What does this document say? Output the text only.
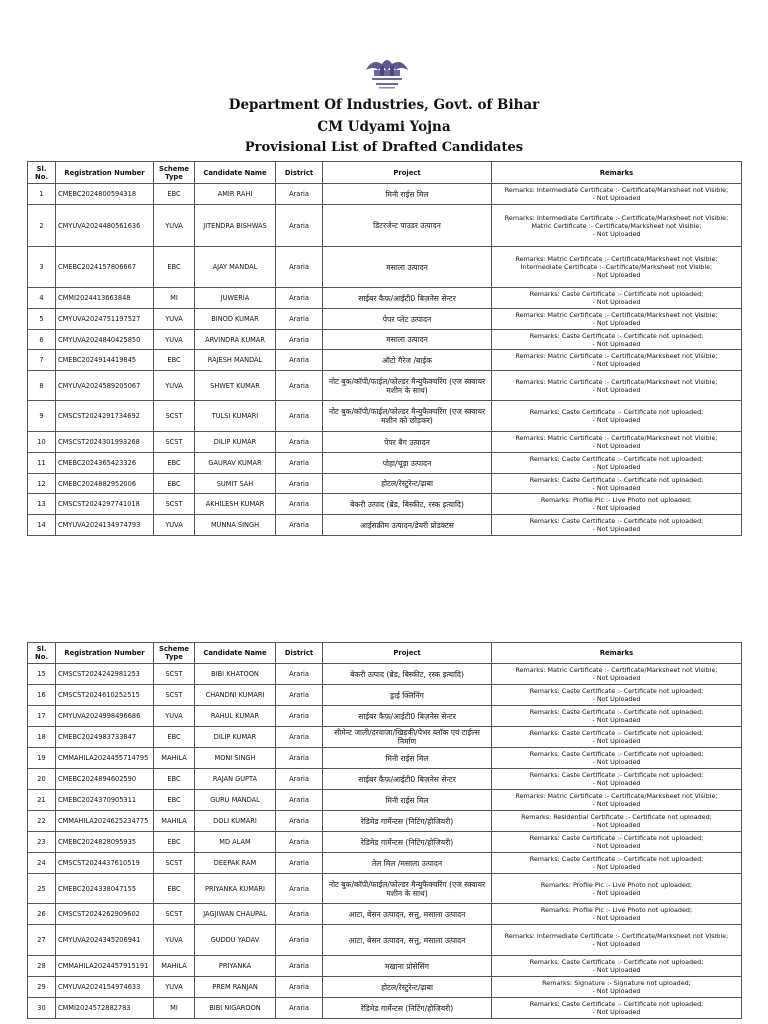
Department Of Industries, Govt. of Bihar
CM Udyami Yojna
Provisional List of Drafted Candidates
Sl. No.	Registration Number	Scheme Type	Candidate Name	District	Project	Remarks
1	CMEBC2024800594318	EBC	AMIR RAHI	Araria	मिनी राईस मिल	Remarks: Intermediate Certificate :- Certificate/Marksheet not Visible;
- Not Uploaded
2	CMYUVA2024480561636	YUVA	JITENDRA BISHWAS	Araria	डिटरजेन्ट पाउडर उत्पादन	Remarks: Intermediate Certificate :- Certificate/Marksheet not Visible;
Matric Certificate :- Certificate/Marksheet not Visible;
- Not Uploaded
3	CMEBC2024157806667	EBC	AJAY MANDAL	Araria	मसाला उत्पादन	Remarks: Matric Certificate :- Certificate/Marksheet not Visible;
Intermediate Certificate :- Certificate/Marksheet not Visible;
- Not Uploaded
4	CMMI2024413663848	MI	JUWERIA	Araria	साईबर कैफ़/आईटी0 बिज़नेस सेन्टर	Remarks: Caste Certificate :- Certificate not uploaded;
- Not Uploaded
5	CMYUVA2024751197527	YUVA	BINOD KUMAR	Araria	पेपर प्लेट उत्पादन	Remarks: Matric Certificate :- Certificate/Marksheet not Visible;
- Not Uploaded
6	CMYUVA2024840425850	YUVA	ARVINDRA KUMAR	Araria	मसाला उत्पादन	Remarks: Caste Certificate :- Certificate not uploaded;
- Not Uploaded
7	CMEBC2024914419845	EBC	RAJESH MANDAL	Araria	ऑटो गैरेज /बाईक	Remarks: Matric Certificate :- Certificate/Marksheet not Visible;
- Not Uploaded
8	CMYUVA2024589205067	YUVA	SHWET KUMAR	Araria	नोट बुक/कॉपी/फाईल/फोल्डर मैन्युफैक्चरिंग (एज स्क्वायर मशीन के साथ)	Remarks: Matric Certificate :- Certificate/Marksheet not Visible;
- Not Uploaded
9	CMSCST2024291734692	SCST	TULSI KUMARI	Araria	नोट बुक/कॉपी/फाईल/फोल्डर मैन्युफैक्चरिंग (एज स्क्वायर मशीन को छोड़कर)	Remarks: Caste Certificate :- Certificate not uploaded;
- Not Uploaded
10	CMSCST2024301993268	SCST	DILIP KUMAR	Araria	पेपर बैग उत्पादन	Remarks: Matric Certificate :- Certificate/Marksheet not Visible;
- Not Uploaded
11	CMEBC2024365423326	EBC	GAURAV KUMAR	Araria	पोहा/चूड़ा उत्पादन	Remarks: Caste Certificate :- Certificate not uploaded;
- Not Uploaded
12	CMEBC2024882952006	EBC	SUMIT SAH	Araria	होटल/रेस्टुरेन्ट/ढ़ाबा	Remarks: Caste Certificate :- Certificate not uploaded;
- Not Uploaded
13	CMSCST2024297741018	SCST	AKHILESH KUMAR	Araria	बेकरी उत्पाद (ब्रेड, बिस्कीट, रस्क इत्यादि)	Remarks: Profile Pic :- Live Photo not uploaded;
- Not Uploaded
14	CMYUVA2024134974793	YUVA	MUNNA SINGH	Araria	आईसक्रीम उत्पादन/डेयरी प्रोडक्टस	Remarks: Caste Certificate :- Certificate not uploaded;
- Not Uploaded
Sl. No.	Registration Number	Scheme Type	Candidate Name	District	Project	Remarks
15	CMSCST2024242981253	SCST	BIBI KHATOON	Araria	बेकरी उत्पाद (ब्रेड, बिस्कीट, रस्क इत्यादि)	Remarks: Matric Certificate :- Certificate/Marksheet not Visible;
- Not Uploaded
16	CMSCST2024610252515	SCST	CHANDNI KUMARI	Araria	ड्राई क्लिनिंग	Remarks: Caste Certificate :- Certificate not uploaded;
- Not Uploaded
17	CMYUVA2024998496686	YUVA	RAHUL KUMAR	Araria	साईबर कैफ़/आईटी0 बिज़नेस सेन्टर	Remarks: Caste Certificate :- Certificate not uploaded;
- Not Uploaded
18	CMEBC2024983733847	EBC	DILIP KUMAR	Araria	सीमेन्ट जाली/दरवाजा/खिड़की/पेभर ब्लॉक एवं टाईल्स निर्माण	Remarks: Caste Certificate :- Certificate not uploaded;
- Not Uploaded
19	CMMAHILA2024455714795	MAHILA	MONI SINGH	Araria	मिनी राईस मिल	Remarks: Caste Certificate :- Certificate not uploaded;
- Not Uploaded
20	CMEBC2024894602590	EBC	RAJAN GUPTA	Araria	साईबर कैफ़/आईटी0 बिज़नेस सेन्टर	Remarks: Caste Certificate :- Certificate not uploaded;
- Not Uploaded
21	CMEBC2024370905311	EBC	GURU MANDAL	Araria	मिनी राईस मिल	Remarks: Matric Certificate :- Certificate/Marksheet not Visible;
- Not Uploaded
22	CMMAHILA2024625234775	MAHILA	DOLI KUMARI	Araria	रेडिमेड गार्मेन्टस (निटिंग/होजियरी)	Remarks: Residential Certificate :- Certificate not uploaded;
- Not Uploaded
23	CMEBC2024828095935	EBC	MD ALAM	Araria	रेडिमेड गार्मेन्टस (निटिंग/होजियरी)	Remarks: Caste Certificate :- Certificate not uploaded;
- Not Uploaded
24	CMSCST2024437610519	SCST	DEEPAK RAM	Araria	तेल मिल /मसाला उत्पादन	Remarks: Caste Certificate :- Certificate not uploaded;
- Not Uploaded
25	CMEBC2024338047155	EBC	PRIYANKA KUMARI	Araria	नोट बुक/कॉपी/फाईल/फोल्डर मैन्युफैक्चरिंग (एज स्क्वायर मशीन के साथ)	Remarks: Profile Pic :- Live Photo not uploaded;
- Not Uploaded
26	CMSCST2024262909602	SCST	JAGJIWAN CHAUPAL	Araria	आटा, बेसन उत्पादन, सत्तु, मसाला उत्पादन	Remarks: Profile Pic :- Live Photo not uploaded;
- Not Uploaded
27	CMYUVA2024345206941	YUVA	GUDDU YADAV	Araria	आटा, बेसन उत्पादन, सत्तु, मसाला उत्पादन	Remarks: Intermediate Certificate :- Certificate/Marksheet not Visible;
- Not Uploaded
28	CMMAHILA2024457915191	MAHILA	PRIYANKA	Araria	मखाना प्रोसेसिंग	Remarks: Caste Certificate :- Certificate not uploaded;
- Not Uploaded
29	CMYUVA2024154974633	YUVA	PREM RANJAN	Araria	होटल/रेस्टुरेन्ट/ढ़ाबा	Remarks: Signature :- Signature not uploaded;
- Not Uploaded
30	CMMI2024572882783	MI	BIBI NIGAROON	Araria	रेडिमेड गार्मेन्टस (निटिंग/होजियरी)	Remarks: Caste Certificate :- Certificate not uploaded;
- Not Uploaded
